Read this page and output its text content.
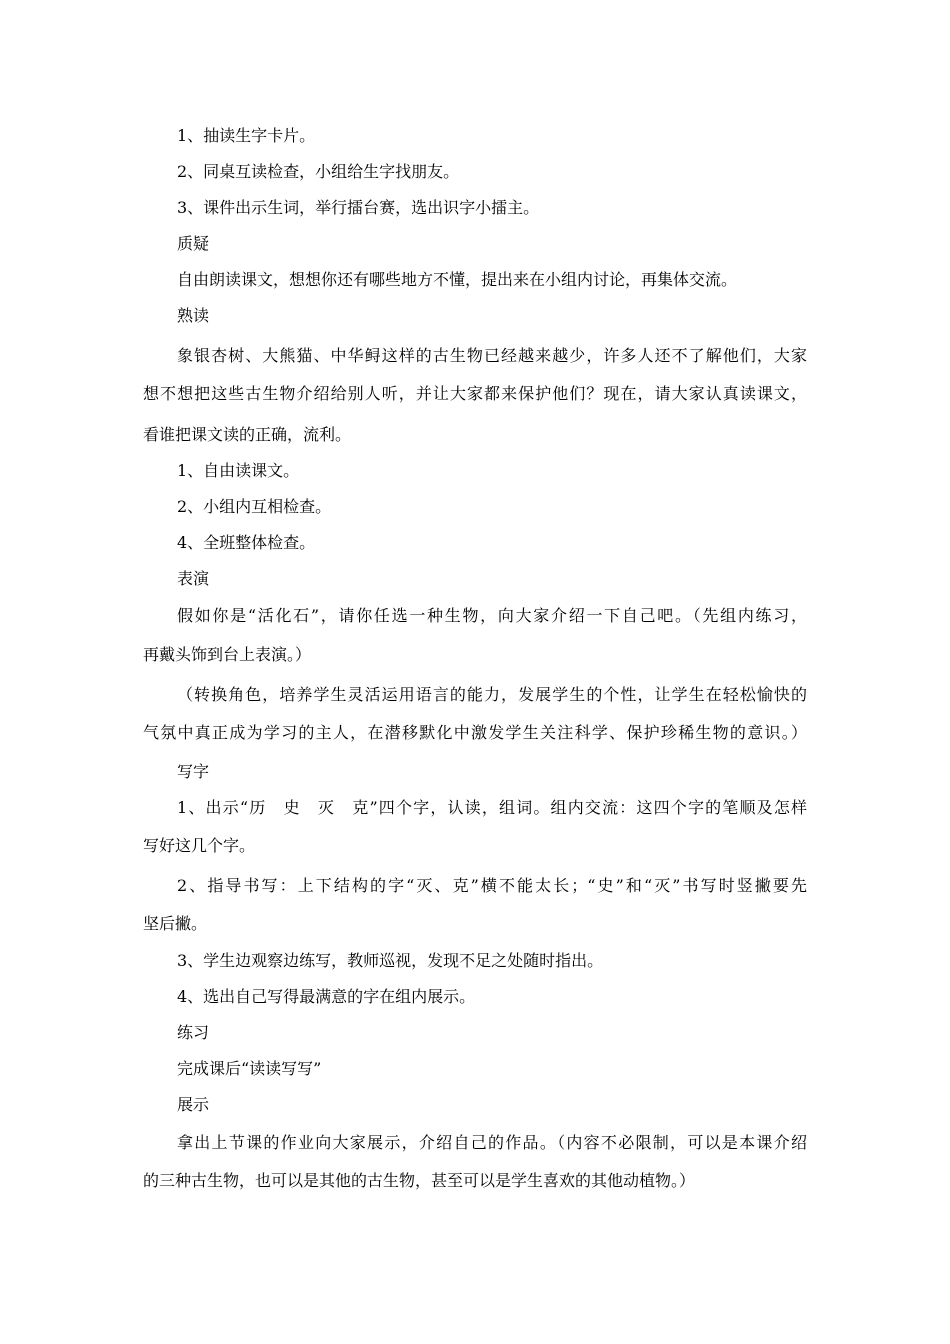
1、抽读生字卡片。
2、同桌互读检查，小组给生字找朋友。
3、课件出示生词，举行擂台赛，选出识字小擂主。
质疑
自由朗读课文，想想你还有哪些地方不懂，提出来在小组内讨论，再集体交流。
熟读
象银杏树、大熊猫、中华鲟这样的古生物已经越来越少，许多人还不了解他们，大家
想不想把这些古生物介绍给别人听，并让大家都来保护他们？现在，请大家认真读课文，
看谁把课文读的正确，流利。
1、自由读课文。
2、小组内互相检查。
4、全班整体检查。
表演
假如你是“活化石”，请你任选一种生物，向大家介绍一下自己吧。（先组内练习，
再戴头饰到台上表演。）
（转换角色，培养学生灵活运用语言的能力，发展学生的个性，让学生在轻松愉快的
气氛中真正成为学习的主人，在潜移默化中激发学生关注科学、保护珍稀生物的意识。）
写字
1、出示“历　史　灭　克”四个字，认读，组词。组内交流：这四个字的笔顺及怎样
写好这几个字。
2、指导书写：上下结构的字“灭、克”横不能太长；“史”和“灭”书写时竖撇要先
坚后撇。
3、学生边观察边练写，教师巡视，发现不足之处随时指出。
4、选出自己写得最满意的字在组内展示。
练习
完成课后“读读写写”
展示
拿出上节课的作业向大家展示，介绍自己的作品。（内容不必限制，可以是本课介绍
的三种古生物，也可以是其他的古生物，甚至可以是学生喜欢的其他动植物。）
